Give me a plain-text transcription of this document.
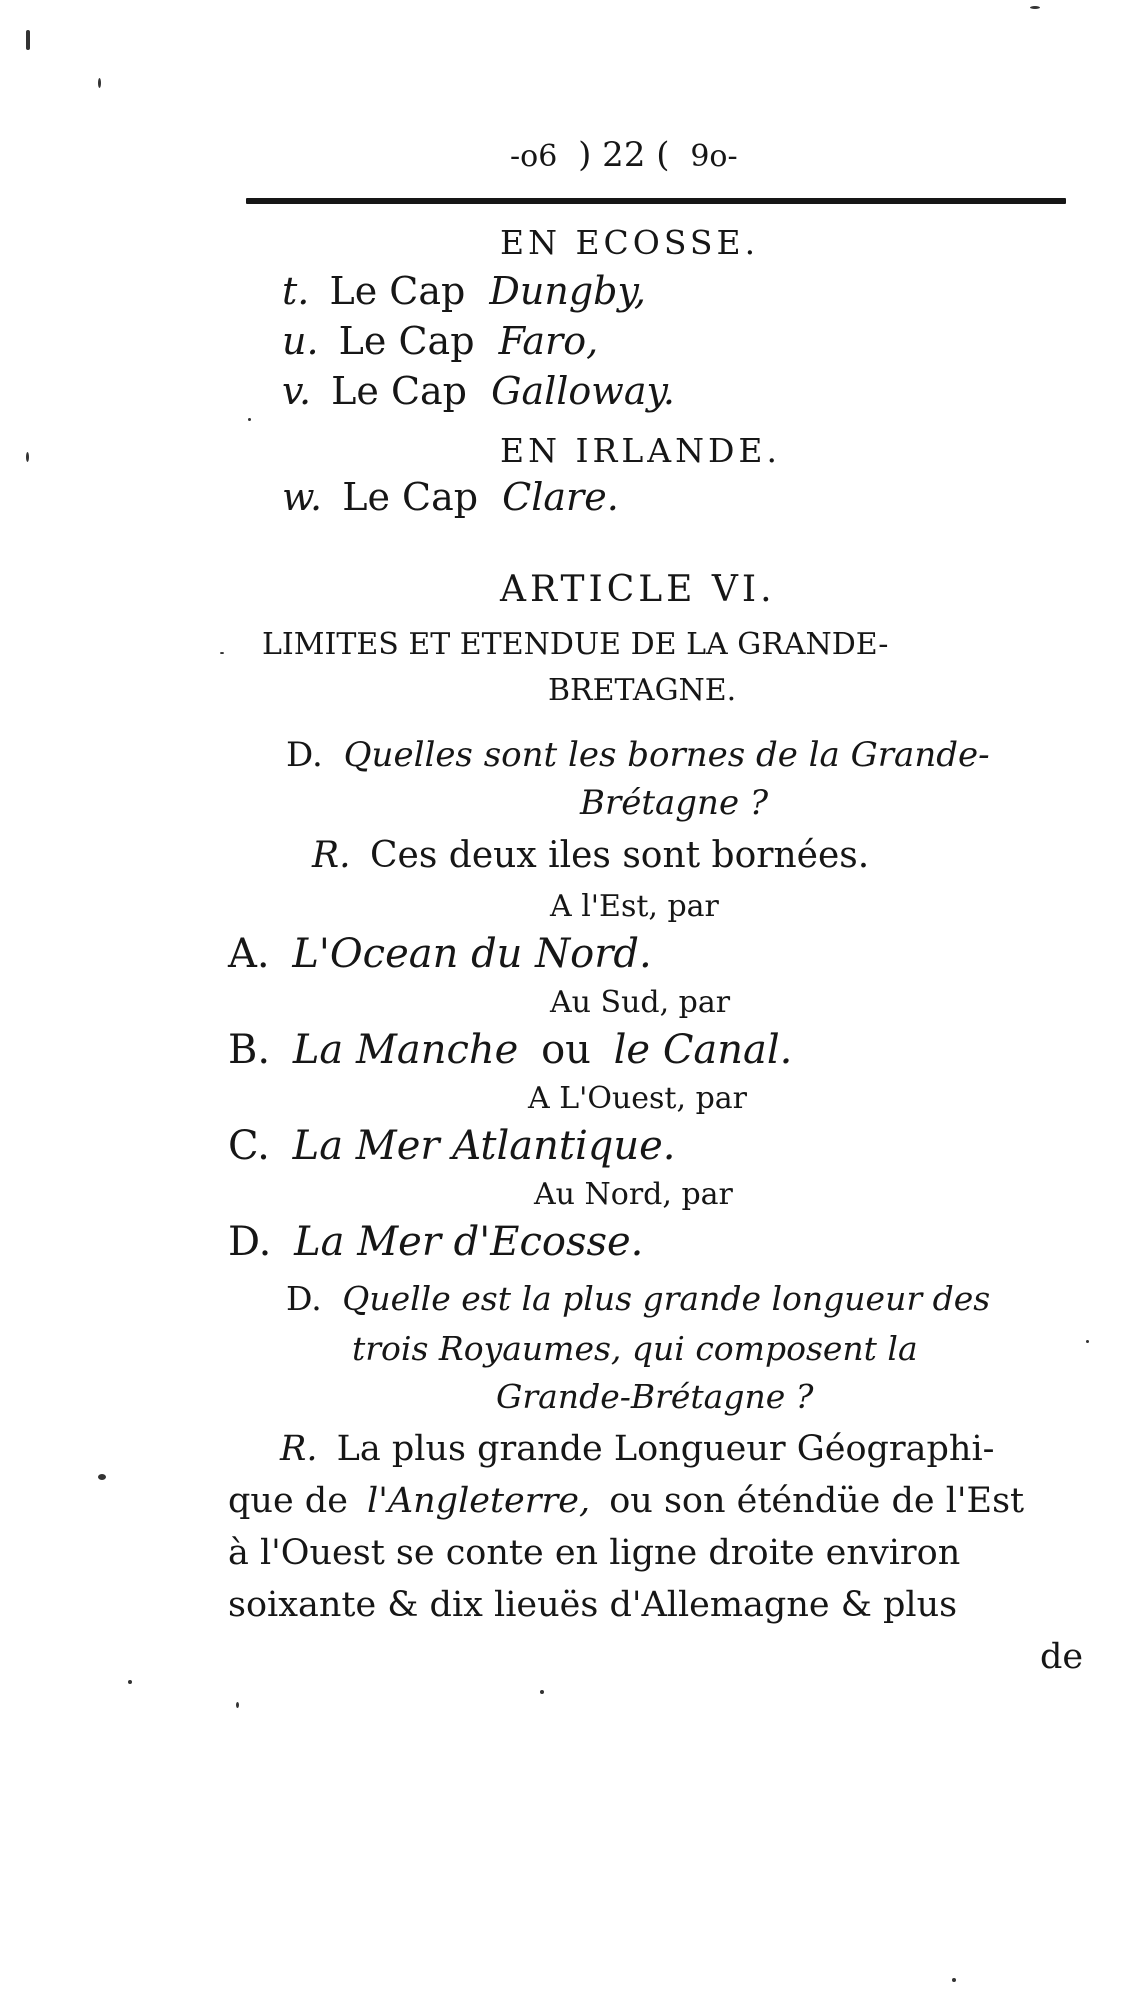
-o6 ) 22 ( 9o-
EN ECOSSE.
t. Le Cap Dungby,
u. Le Cap Faro,
v. Le Cap Galloway.
EN IRLANDE.
w. Le Cap Clare.
ARTICLE VI.
LIMITES ET ETENDUE DE LA GRANDE-
BRETAGNE.
D. Quelles sont les bornes de la Grande-
Brétagne ?
R. Ces deux iles sont bornées.
A l'Est, par
A. L'Ocean du Nord.
Au Sud, par
B. La Manche ou le Canal.
A L'Ouest, par
C. La Mer Atlantique.
Au Nord, par
D. La Mer d'Ecosse.
D. Quelle est la plus grande longueur des
trois Royaumes, qui composent la
Grande-Brétagne ?
R. La plus grande Longueur Géographi-
que de l'Angleterre, ou son éténdüe de l'Est
à l'Ouest se conte en ligne droite environ
soixante & dix lieuës d'Allemagne & plus
de
